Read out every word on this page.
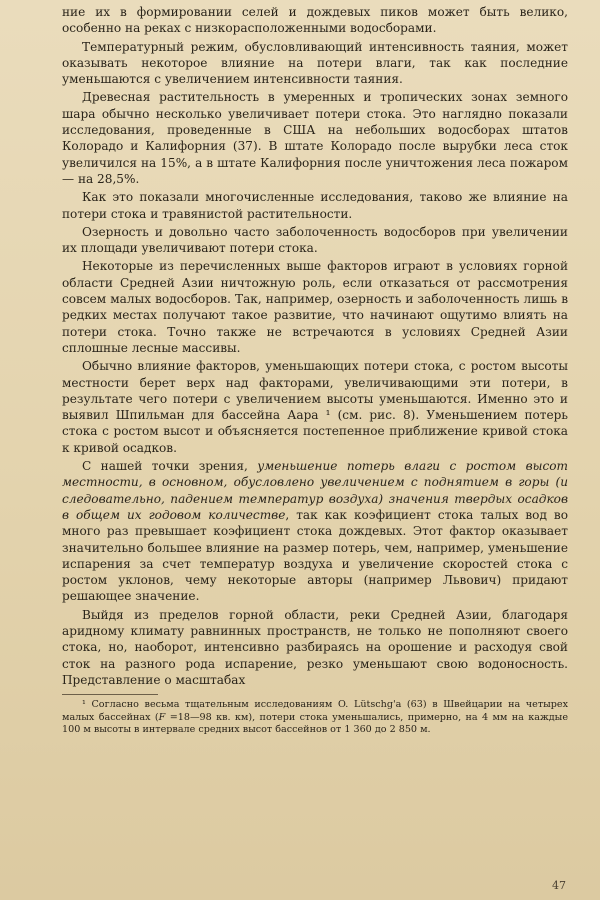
ние их в формировании селей и дождевых пиков может быть велико, особенно на реках с низкорасположенными водосборами.

Температурный режим, обусловливающий интенсивность таяния, может оказывать некоторое влияние на потери влаги, так как последние уменьшаются с увеличением интенсивности таяния.

Древесная растительность в умеренных и тропических зонах земного шара обычно несколько увеличивает потери стока. Это наглядно показали исследования, проведенные в США на небольших водосборах штатов Колорадо и Калифорния (37). В штате Колорадо после вырубки леса сток увеличился на 15%, а в штате Калифорния после уничтожения леса пожаром — на 28,5%.

Как это показали многочисленные исследования, таково же влияние на потери стока и травянистой растительности.

Озерность и довольно часто заболоченность водосборов при увеличении их площади увеличивают потери стока.

Некоторые из перечисленных выше факторов играют в условиях горной области Средней Азии ничтожную роль, если отказаться от рассмотрения совсем малых водосборов. Так, например, озерность и заболоченность лишь в редких местах получают такое развитие, что начинают ощутимо влиять на потери стока. Точно также не встречаются в условиях Средней Азии сплошные лесные массивы.

Обычно влияние факторов, уменьшающих потери стока, с ростом высоты местности берет верх над факторами, увеличивающими эти потери, в результате чего потери с увеличением высоты уменьшаются. Именно это и выявил Шпильман для бассейна Аара ¹ (см. рис. 8). Уменьшением потерь стока с ростом высот и объясняется постепенное приближение кривой стока к кривой осадков.

С нашей точки зрения, уменьшение потерь влаги с ростом высот местности, в основном, обусловлено увеличением с поднятием в горы (и следовательно, падением температур воздуха) значения твердых осадков в общем их годовом количестве, так как коэфициент стока талых вод во много раз превышает коэфициент стока дождевых. Этот фактор оказывает значительно большее влияние на размер потерь, чем, например, уменьшение испарения за счет температур воздуха и увеличение скоростей стока с ростом уклонов, чему некоторые авторы (например Львович) придают решающее значение.

Выйдя из пределов горной области, реки Средней Азии, благодаря аридному климату равнинных пространств, не только не пополняют своего стока, но, наоборот, интенсивно разбираясь на орошение и расходуя свой сток на разного рода испарение, резко уменьшают свою водоносность. Представление о масштабах

¹ Согласно весьма тщательным исследованиям O. Lütschg'a (63) в Швейцарии на четырех малых бассейнах (F =18—98 кв. км), потери стока уменьшались, примерно, на 4 мм на каждые 100 м высоты в интервале средних высот бассейнов от 1 360 до 2 850 м.

47
